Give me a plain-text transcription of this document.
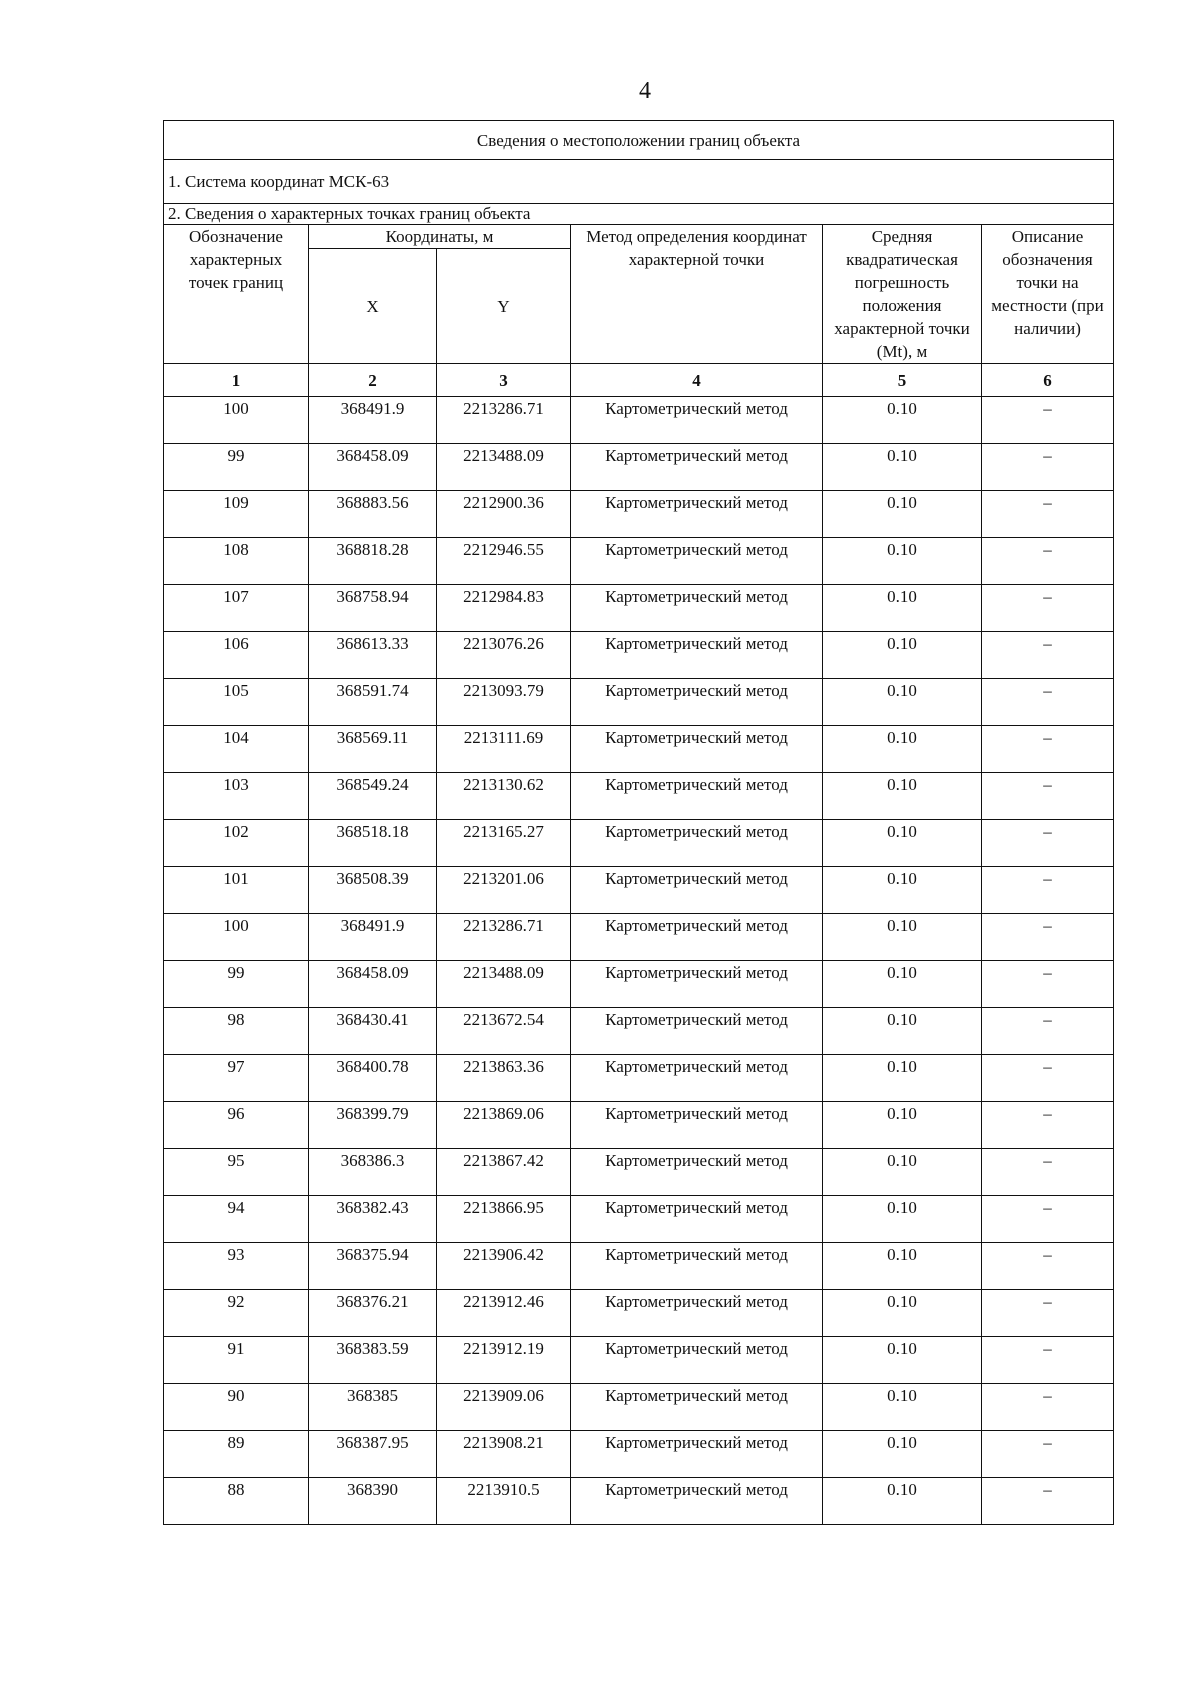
4
Сведения о местоположении границ объекта					
1. Система координат МСК-63					
2. Сведения о характерных точках границ объекта					
Обозначение характерных точек границ	Координаты, м		Метод определения координат характерной точки	Средняя квадратическая погрешность положения характерной точки (Mt), м	Описание обозначения точки на местности (при наличии)
	X	Y			
1	2	3	4	5	6
100	368491.9	2213286.71	Картометрический метод	0.10	–
99	368458.09	2213488.09	Картометрический метод	0.10	–
109	368883.56	2212900.36	Картометрический метод	0.10	–
108	368818.28	2212946.55	Картометрический метод	0.10	–
107	368758.94	2212984.83	Картометрический метод	0.10	–
106	368613.33	2213076.26	Картометрический метод	0.10	–
105	368591.74	2213093.79	Картометрический метод	0.10	–
104	368569.11	2213111.69	Картометрический метод	0.10	–
103	368549.24	2213130.62	Картометрический метод	0.10	–
102	368518.18	2213165.27	Картометрический метод	0.10	–
101	368508.39	2213201.06	Картометрический метод	0.10	–
100	368491.9	2213286.71	Картометрический метод	0.10	–
99	368458.09	2213488.09	Картометрический метод	0.10	–
98	368430.41	2213672.54	Картометрический метод	0.10	–
97	368400.78	2213863.36	Картометрический метод	0.10	–
96	368399.79	2213869.06	Картометрический метод	0.10	–
95	368386.3	2213867.42	Картометрический метод	0.10	–
94	368382.43	2213866.95	Картометрический метод	0.10	–
93	368375.94	2213906.42	Картометрический метод	0.10	–
92	368376.21	2213912.46	Картометрический метод	0.10	–
91	368383.59	2213912.19	Картометрический метод	0.10	–
90	368385	2213909.06	Картометрический метод	0.10	–
89	368387.95	2213908.21	Картометрический метод	0.10	–
88	368390	2213910.5	Картометрический метод	0.10	–
